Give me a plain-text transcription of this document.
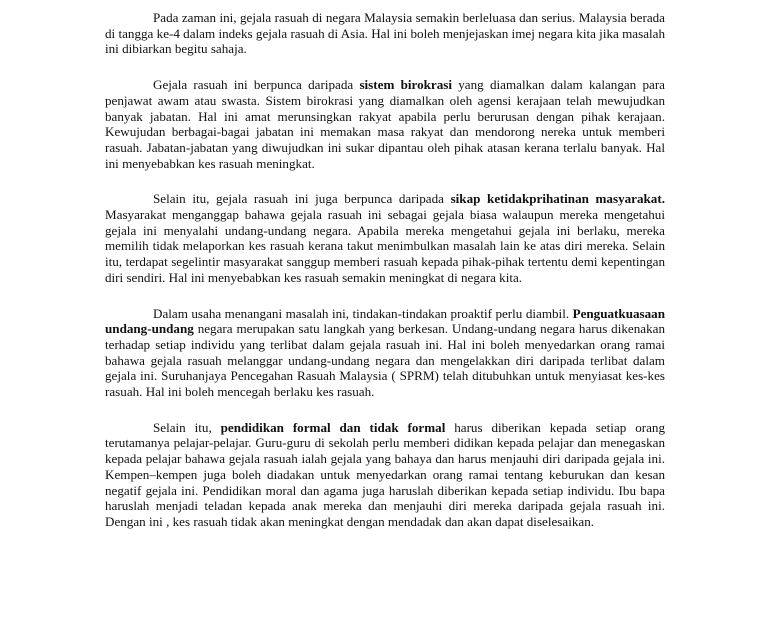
Pada zaman ini, gejala rasuah di negara Malaysia semakin berleluasa dan serius. Malaysia berada di tangga ke-4 dalam indeks gejala rasuah di Asia. Hal ini boleh menjejaskan imej negara kita jika masalah ini dibiarkan begitu sahaja.

Gejala rasuah ini berpunca daripada sistem birokrasi yang diamalkan dalam kalangan para penjawat awam atau swasta. Sistem birokrasi yang diamalkan oleh agensi kerajaan telah mewujudkan banyak jabatan. Hal ini amat merunsingkan rakyat apabila perlu berurusan dengan pihak kerajaan. Kewujudan berbagai-bagai jabatan ini memakan masa rakyat dan mendorong nereka untuk memberi rasuah. Jabatan-jabatan yang diwujudkan ini sukar dipantau oleh pihak atasan kerana terlalu banyak. Hal ini menyebabkan kes rasuah meningkat.

Selain itu, gejala rasuah ini juga berpunca daripada sikap ketidakprihatinan masyarakat. Masyarakat menganggap bahawa gejala rasuah ini sebagai gejala biasa walaupun mereka mengetahui gejala ini menyalahi undang-undang negara. Apabila mereka mengetahui gejala ini berlaku, mereka memilih tidak melaporkan kes rasuah kerana takut menimbulkan masalah lain ke atas diri mereka. Selain itu, terdapat segelintir masyarakat sanggup memberi rasuah kepada pihak-pihak tertentu demi kepentingan diri sendiri. Hal ini menyebabkan kes rasuah semakin meningkat di negara kita.

Dalam usaha menangani masalah ini, tindakan-tindakan proaktif perlu diambil. Penguatkuasaan undang-undang negara merupakan satu langkah yang berkesan. Undang-undang negara harus dikenakan terhadap setiap individu yang terlibat dalam gejala rasuah ini. Hal ini boleh menyedarkan orang ramai bahawa gejala rasuah melanggar undang-undang negara dan mengelakkan diri daripada terlibat dalam gejala ini. Suruhanjaya Pencegahan Rasuah Malaysia ( SPRM) telah ditubuhkan untuk menyiasat kes-kes rasuah. Hal ini boleh mencegah berlaku kes rasuah.

Selain itu, pendidikan formal dan tidak formal harus diberikan kepada setiap orang terutamanya pelajar-pelajar. Guru-guru di sekolah perlu memberi didikan kepada pelajar dan menegaskan kepada pelajar bahawa gejala rasuah ialah gejala yang bahaya dan harus menjauhi diri daripada gejala ini. Kempen–kempen juga boleh diadakan untuk menyedarkan orang ramai tentang keburukan dan kesan negatif gejala ini. Pendidikan moral dan agama juga haruslah diberikan kepada setiap individu. Ibu bapa haruslah menjadi teladan kepada anak mereka dan menjauhi diri mereka daripada gejala rasuah ini. Dengan ini , kes rasuah tidak akan meningkat dengan mendadak dan akan dapat diselesaikan.
